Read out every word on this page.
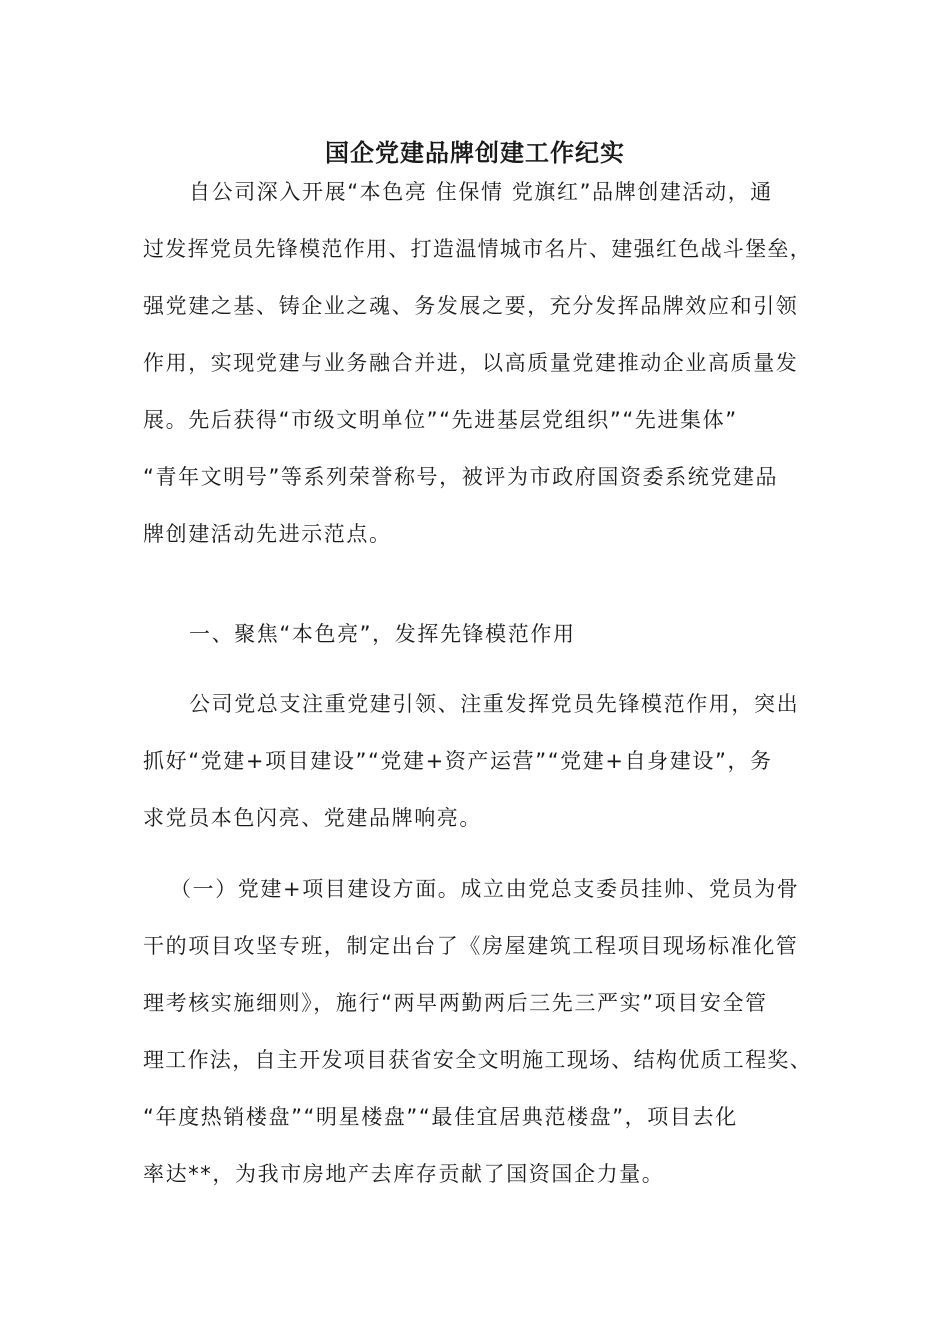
国企党建品牌创建工作纪实
自公司深入开展“本色亮 住保情 党旗红”品牌创建活动，通
过发挥党员先锋模范作用、打造温情城市名片、建强红色战斗堡垒，
强党建之基、铸企业之魂、务发展之要，充分发挥品牌效应和引领
作用，实现党建与业务融合并进，以高质量党建推动企业高质量发
展。先后获得“市级文明单位”“先进基层党组织”“先进集体”
“青年文明号”等系列荣誉称号，被评为市政府国资委系统党建品
牌创建活动先进示范点。
一、聚焦“本色亮”，发挥先锋模范作用
公司党总支注重党建引领、注重发挥党员先锋模范作用，突出
抓好“党建+项目建设”“党建+资产运营”“党建+自身建设”，务
求党员本色闪亮、党建品牌响亮。
（一）党建+项目建设方面。成立由党总支委员挂帅、党员为骨
干的项目攻坚专班，制定出台了《房屋建筑工程项目现场标准化管
理考核实施细则》，施行“两早两勤两后三先三严实”项目安全管
理工作法，自主开发项目获省安全文明施工现场、结构优质工程奖、
“年度热销楼盘”“明星楼盘”“最佳宜居典范楼盘”，项目去化
率达**，为我市房地产去库存贡献了国资国企力量。
